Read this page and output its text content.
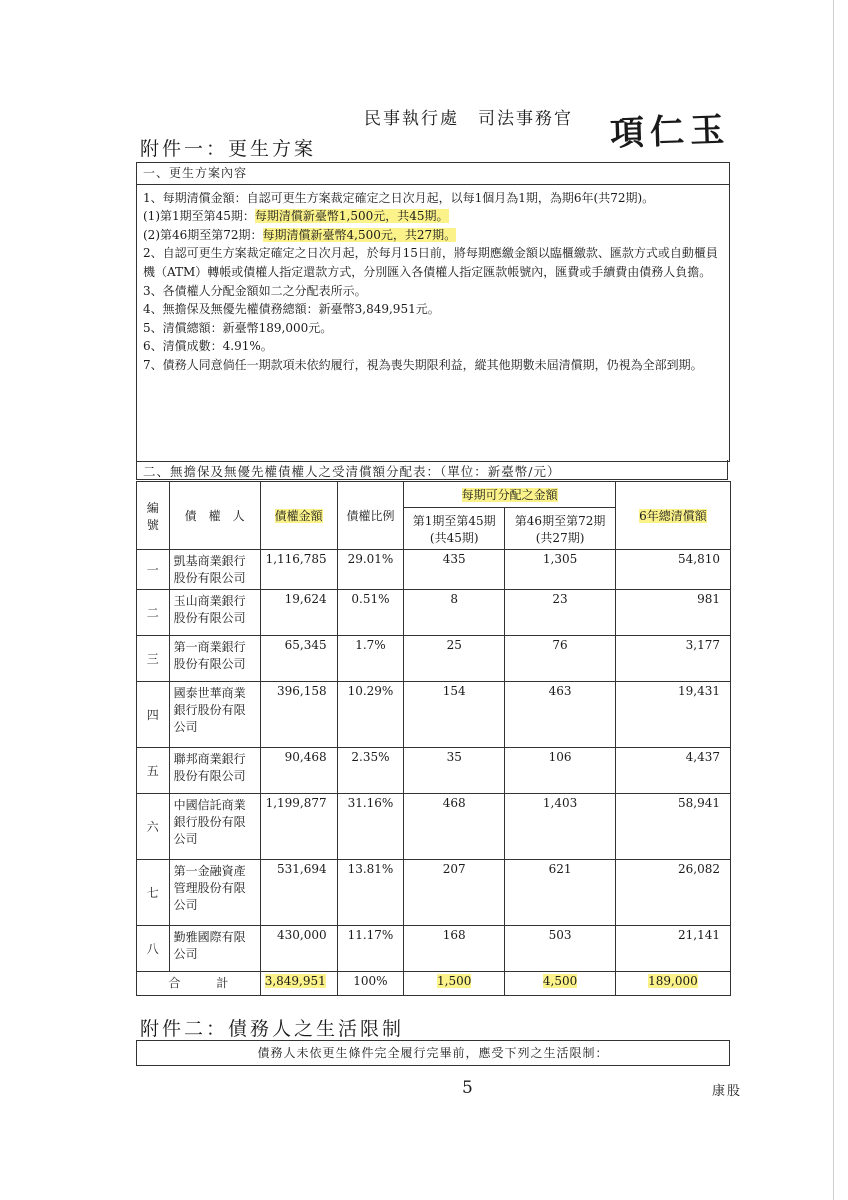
民事執行處　司法事務官 項仁玉
附件一：更生方案
一、更生方案內容

1、每期清償金額：自認可更生方案裁定確定之日次月起，以每1個月為1期，為期6年(共72期)。

(1)第1期至第45期：每期清償新臺幣1,500元，共45期。

(2)第46期至第72期：每期清償新臺幣4,500元，共27期。

2、自認可更生方案裁定確定之日次月起，於每月15日前，將每期應繳金額以臨櫃繳款、匯款方式或自動櫃員機（ATM）轉帳或債權人指定還款方式，分別匯入各債權人指定匯款帳號內，匯費或手續費由債務人負擔。

3、各債權人分配金額如二之分配表所示。

4、無擔保及無優先權債務總額：新臺幣3,849,951元。

5、清償總額：新臺幣189,000元。

6、清償成數：4.91%。

7、債務人同意倘任一期款項未依約履行，視為喪失期限利益，縱其他期數未屆清償期，仍視為全部到期。

二、無擔保及無優先權債權人之受清償額分配表：（單位：新臺幣/元）
編號	債　權　人	債權金額	債權比例	每期可分配之金額		6年總清償額
				第1期至第45期
(共45期)	第46期至第72期
(共27期)	
一	凱基商業銀行股份有限公司	1,116,785	29.01%	435	1,305	54,810
二	玉山商業銀行股份有限公司	19,624	0.51%	8	23	981
三	第一商業銀行股份有限公司	65,345	1.7%	25	76	3,177
四	國泰世華商業銀行股份有限公司	396,158	10.29%	154	463	19,431
五	聯邦商業銀行股份有限公司	90,468	2.35%	35	106	4,437
六	中國信託商業銀行股份有限公司	1,199,877	31.16%	468	1,403	58,941
七	第一金融資產管理股份有限公司	531,694	13.81%	207	621	26,082
八	勤雅國際有限公司	430,000	11.17%	168	503	21,141
合　　　計		3,849,951	100%	1,500	4,500	189,000
附件二：債務人之生活限制
債務人未依更生條件完全履行完畢前，應受下列之生活限制：
5	康股
